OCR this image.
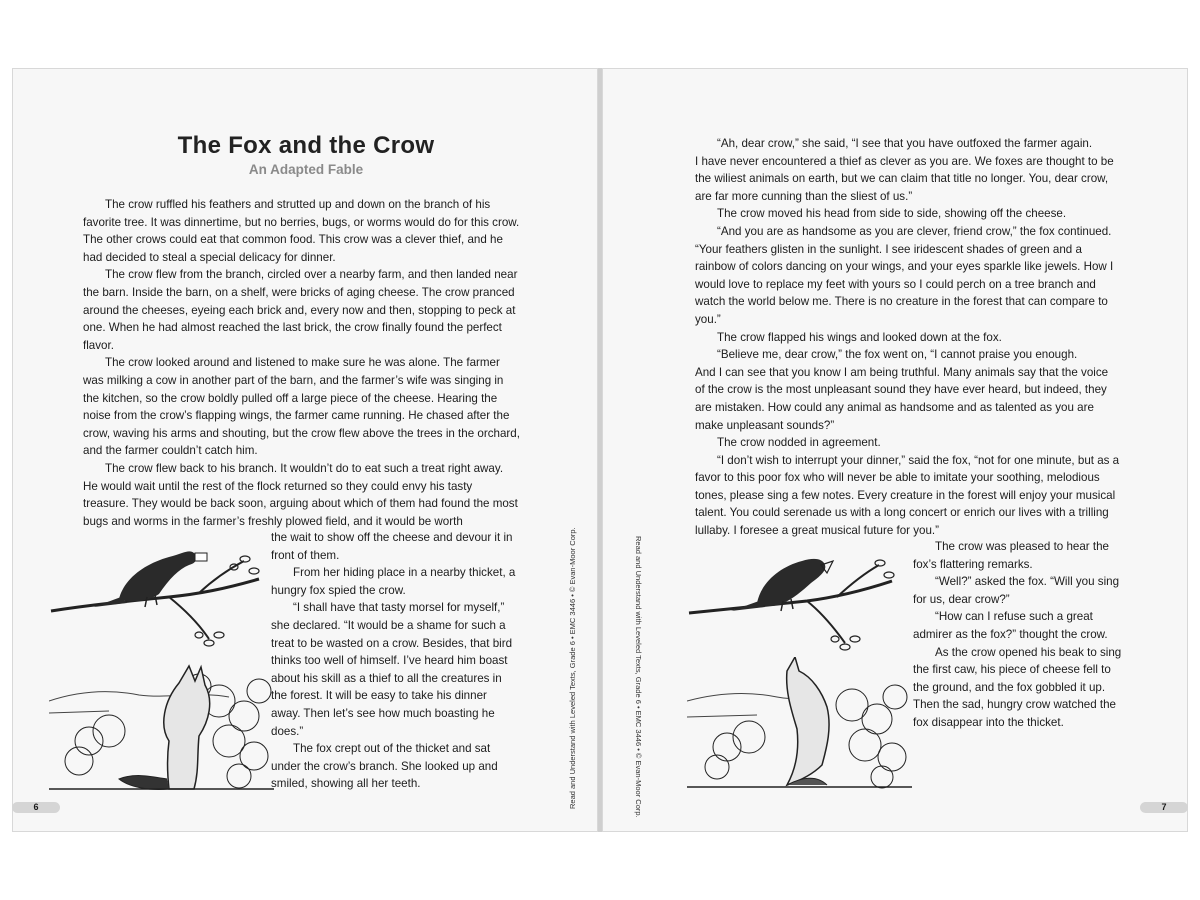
The Fox and the Crow
An Adapted Fable

The crow ruffled his feathers and strutted up and down on the branch of his favorite tree. It was dinnertime, but no berries, bugs, or worms would do for this crow. The other crows could eat that common food. This crow was a clever thief, and he had decided to steal a special delicacy for dinner.

The crow flew from the branch, circled over a nearby farm, and then landed near the barn. Inside the barn, on a shelf, were bricks of aging cheese. The crow pranced around the cheeses, eyeing each brick and, every now and then, stopping to peck at one. When he had almost reached the last brick, the crow finally found the perfect flavor.

The crow looked around and listened to make sure he was alone. The farmer was milking a cow in another part of the barn, and the farmer’s wife was singing in the kitchen, so the crow boldly pulled off a large piece of the cheese. Hearing the noise from the crow’s flapping wings, the farmer came running. He chased after the crow, waving his arms and shouting, but the crow flew above the trees in the orchard, and the farmer couldn’t catch him.

The crow flew back to his branch. It wouldn’t do to eat such a treat right away. He would wait until the rest of the flock returned so they could envy his tasty treasure. They would be back soon, arguing about which of them had found the most bugs and worms in the farmer’s freshly plowed field, and it would be worth

the wait to show off the cheese and devour it in front of them.

From her hiding place in a nearby thicket, a hungry fox spied the crow.

“I shall have that tasty morsel for myself,” she declared. “It would be a shame for such a treat to be wasted on a crow. Besides, that bird thinks too well of himself. I’ve heard him boast about his skill as a thief to all the creatures in the forest. It will be easy to take his dinner away. Then let’s see how much boasting he does.”

The fox crept out of the thicket and sat under the crow’s branch. She looked up and smiled, showing all her teeth.

6	Read and Understand with Leveled Texts, Grade 6 • EMC 3446 • © Evan-Moor Corp.

“Ah, dear crow,” she said, “I see that you have outfoxed the farmer again.

I have never encountered a thief as clever as you are. We foxes are thought to be the wiliest animals on earth, but we can claim that title no longer. You, dear crow, are far more cunning than the sliest of us.”

The crow moved his head from side to side, showing off the cheese.

“And you are as handsome as you are clever, friend crow,” the fox continued. “Your feathers glisten in the sunlight. I see iridescent shades of green and a rainbow of colors dancing on your wings, and your eyes sparkle like jewels. How I would love to replace my feet with yours so I could perch on a tree branch and watch the world below me. There is no creature in the forest that can compare to you.”

The crow flapped his wings and looked down at the fox.

“Believe me, dear crow,” the fox went on, “I cannot praise you enough.

And I can see that you know I am being truthful. Many animals say that the voice of the crow is the most unpleasant sound they have ever heard, but indeed, they are mistaken. How could any animal as handsome and as talented as you are make unpleasant sounds?”

The crow nodded in agreement.

“I don’t wish to interrupt your dinner,” said the fox, “not for one minute, but as a favor to this poor fox who will never be able to imitate your soothing, melodious tones, please sing a few notes. Every creature in the forest will enjoy your musical talent. You could serenade us with a long concert or enrich our lives with a trilling lullaby. I foresee a great musical future for you.”

The crow was pleased to hear the fox’s flattering remarks.

“Well?” asked the fox. “Will you sing for us, dear crow?”

“How can I refuse such a great admirer as the fox?” thought the crow.

As the crow opened his beak to sing the first caw, his piece of cheese fell to the ground, and the fox gobbled it up. Then the sad, hungry crow watched the fox disappear into the thicket.

7
Read and Understand with Leveled Texts, Grade 6 • EMC 3446 • © Evan-Moor Corp.
